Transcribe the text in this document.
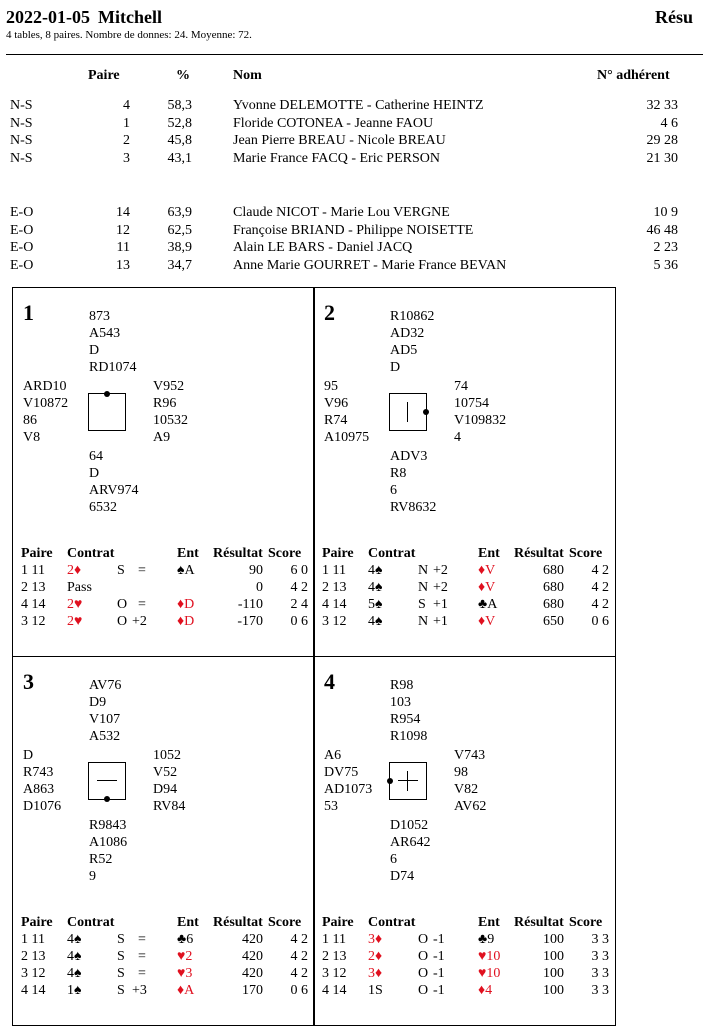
2022-01-05 Mitchell	Résu
4 tables, 8 paires. Nombre de donnes: 24. Moyenne: 72.
Paire	%	Nom	N° adhérent
N-S	4	58,3	Yvonne DELEMOTTE - Catherine HEINTZ	32 33
N-S	1	52,8	Floride COTONEA - Jeanne FAOU	4 6
N-S	2	45,8	Jean Pierre BREAU - Nicole BREAU	29 28
N-S	3	43,1	Marie France FACQ - Eric PERSON	21 30
E-O	14	63,9	Claude NICOT - Marie Lou VERGNE	10 9
E-O	12	62,5	Françoise BRIAND - Philippe NOISETTE	46 48
E-O	11	38,9	Alain LE BARS - Daniel JACQ	2 23
E-O	13	34,7	Anne Marie GOURRET - Marie France BEVAN	5 36
1	873
A543
D
RD1074
ARD10
V10872
86
V8
V952
R96
10532
A9
64
D
ARV974
6532
Paire Contrat	Ent Résultat Score
1 11 2♦	S = ♠A	90	6 0
2 13 Pass	0	4 2
4 14 2♥ O = ♦D	-110	2 4
3 12 2♥ O +2 ♦D	-170	0 6
2	R10862
AD32
AD5
D
95
V96
R74
A10975
74
10754
V109832
4
ADV3
R8
6
RV8632
Paire Contrat	Ent Résultat Score
1 11 4♠	N +2 ♦V	680	4 2
2 13 4♠	N +2 ♦V	680	4 2
4 14 5♠	S +1 ♣A	680	4 2
3 12 4♠	N +1 ♦V	650	0 6
3	AV76
D9
V107
A532
D
R743
A863
D1076
1052
V52
D94
RV84
R9843
A1086
R52
9
Paire Contrat	Ent Résultat Score
1 11 4♠	S = ♣6	420	4 2
2 13 4♠	S = ♥2	420	4 2
3 12 4♠	S = ♥3	420	4 2
4 14 1♠	S +3 ♦A	170	0 6
4	R98
103
R954
R1098
A6
DV75
AD1073
53
V743
98
V82
AV62
D1052
AR642
6
D74
Paire Contrat	Ent Résultat Score
1 11 3♦	O -1 ♣9	100	3 3
2 13 2♦	O -1 ♥10	100	3 3
3 12 3♦	O -1 ♥10	100	3 3
4 14 1S	O -1 ♦4	100	3 3
